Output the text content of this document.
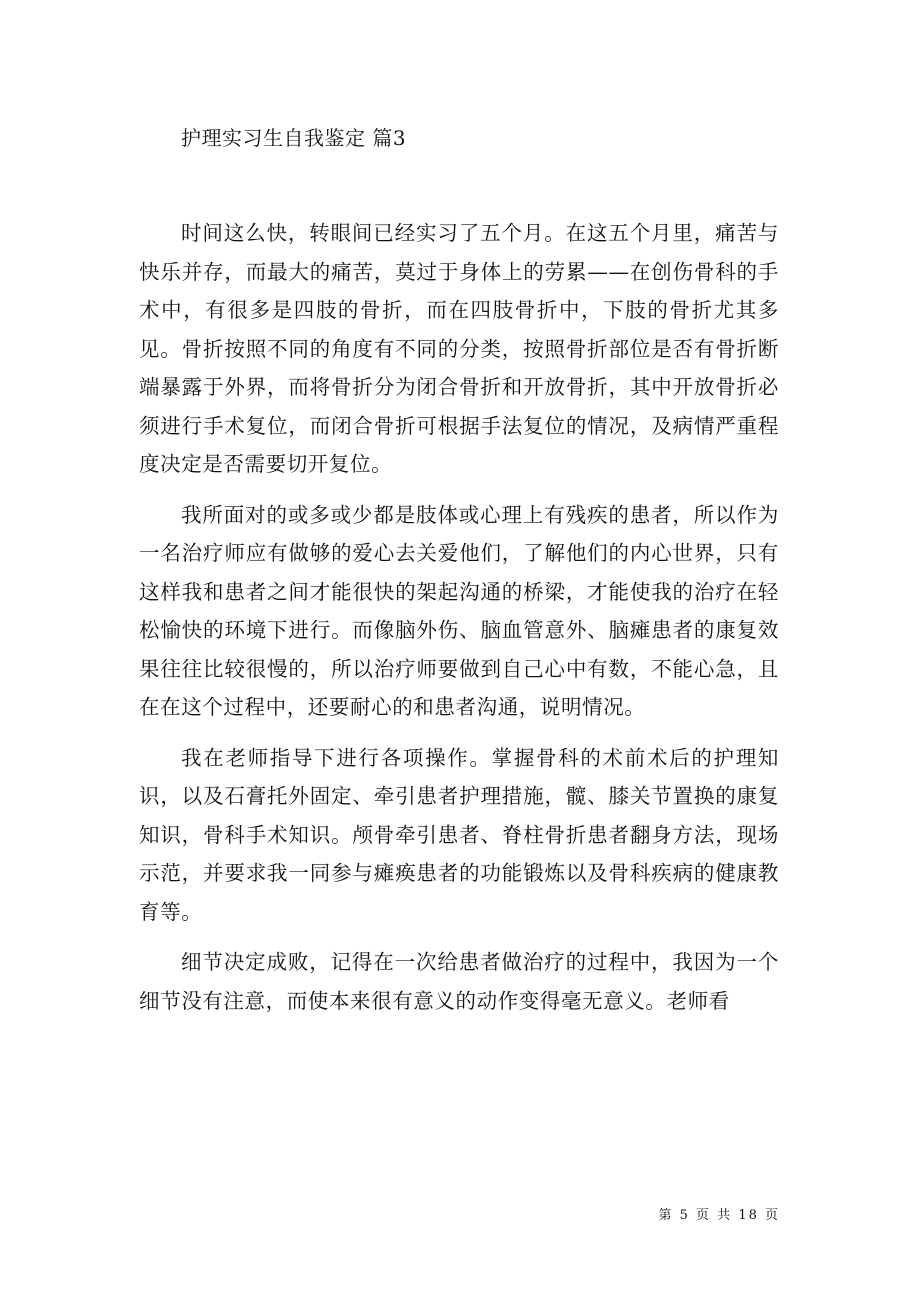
护理实习生自我鉴定 篇3

时间这么快，转眼间已经实习了五个月。在这五个月里，痛苦与快乐并存，而最大的痛苦，莫过于身体上的劳累——在创伤骨科的手术中，有很多是四肢的骨折，而在四肢骨折中，下肢的骨折尤其多见。骨折按照不同的角度有不同的分类，按照骨折部位是否有骨折断端暴露于外界，而将骨折分为闭合骨折和开放骨折，其中开放骨折必须进行手术复位，而闭合骨折可根据手法复位的情况，及病情严重程度决定是否需要切开复位。

我所面对的或多或少都是肢体或心理上有残疾的患者，所以作为一名治疗师应有做够的爱心去关爱他们，了解他们的内心世界，只有这样我和患者之间才能很快的架起沟通的桥梁，才能使我的治疗在轻松愉快的环境下进行。而像脑外伤、脑血管意外、脑瘫患者的康复效果往往比较很慢的，所以治疗师要做到自己心中有数，不能心急，且在在这个过程中，还要耐心的和患者沟通，说明情况。

我在老师指导下进行各项操作。掌握骨科的术前术后的护理知识，以及石膏托外固定、牵引患者护理措施，髋、膝关节置换的康复知识，骨科手术知识。颅骨牵引患者、脊柱骨折患者翻身方法，现场示范，并要求我一同参与瘫痪患者的功能锻炼以及骨科疾病的健康教育等。

细节决定成败，记得在一次给患者做治疗的过程中，我因为一个细节没有注意，而使本来很有意义的动作变得毫无意义。老师看

第 5 页 共 18 页
